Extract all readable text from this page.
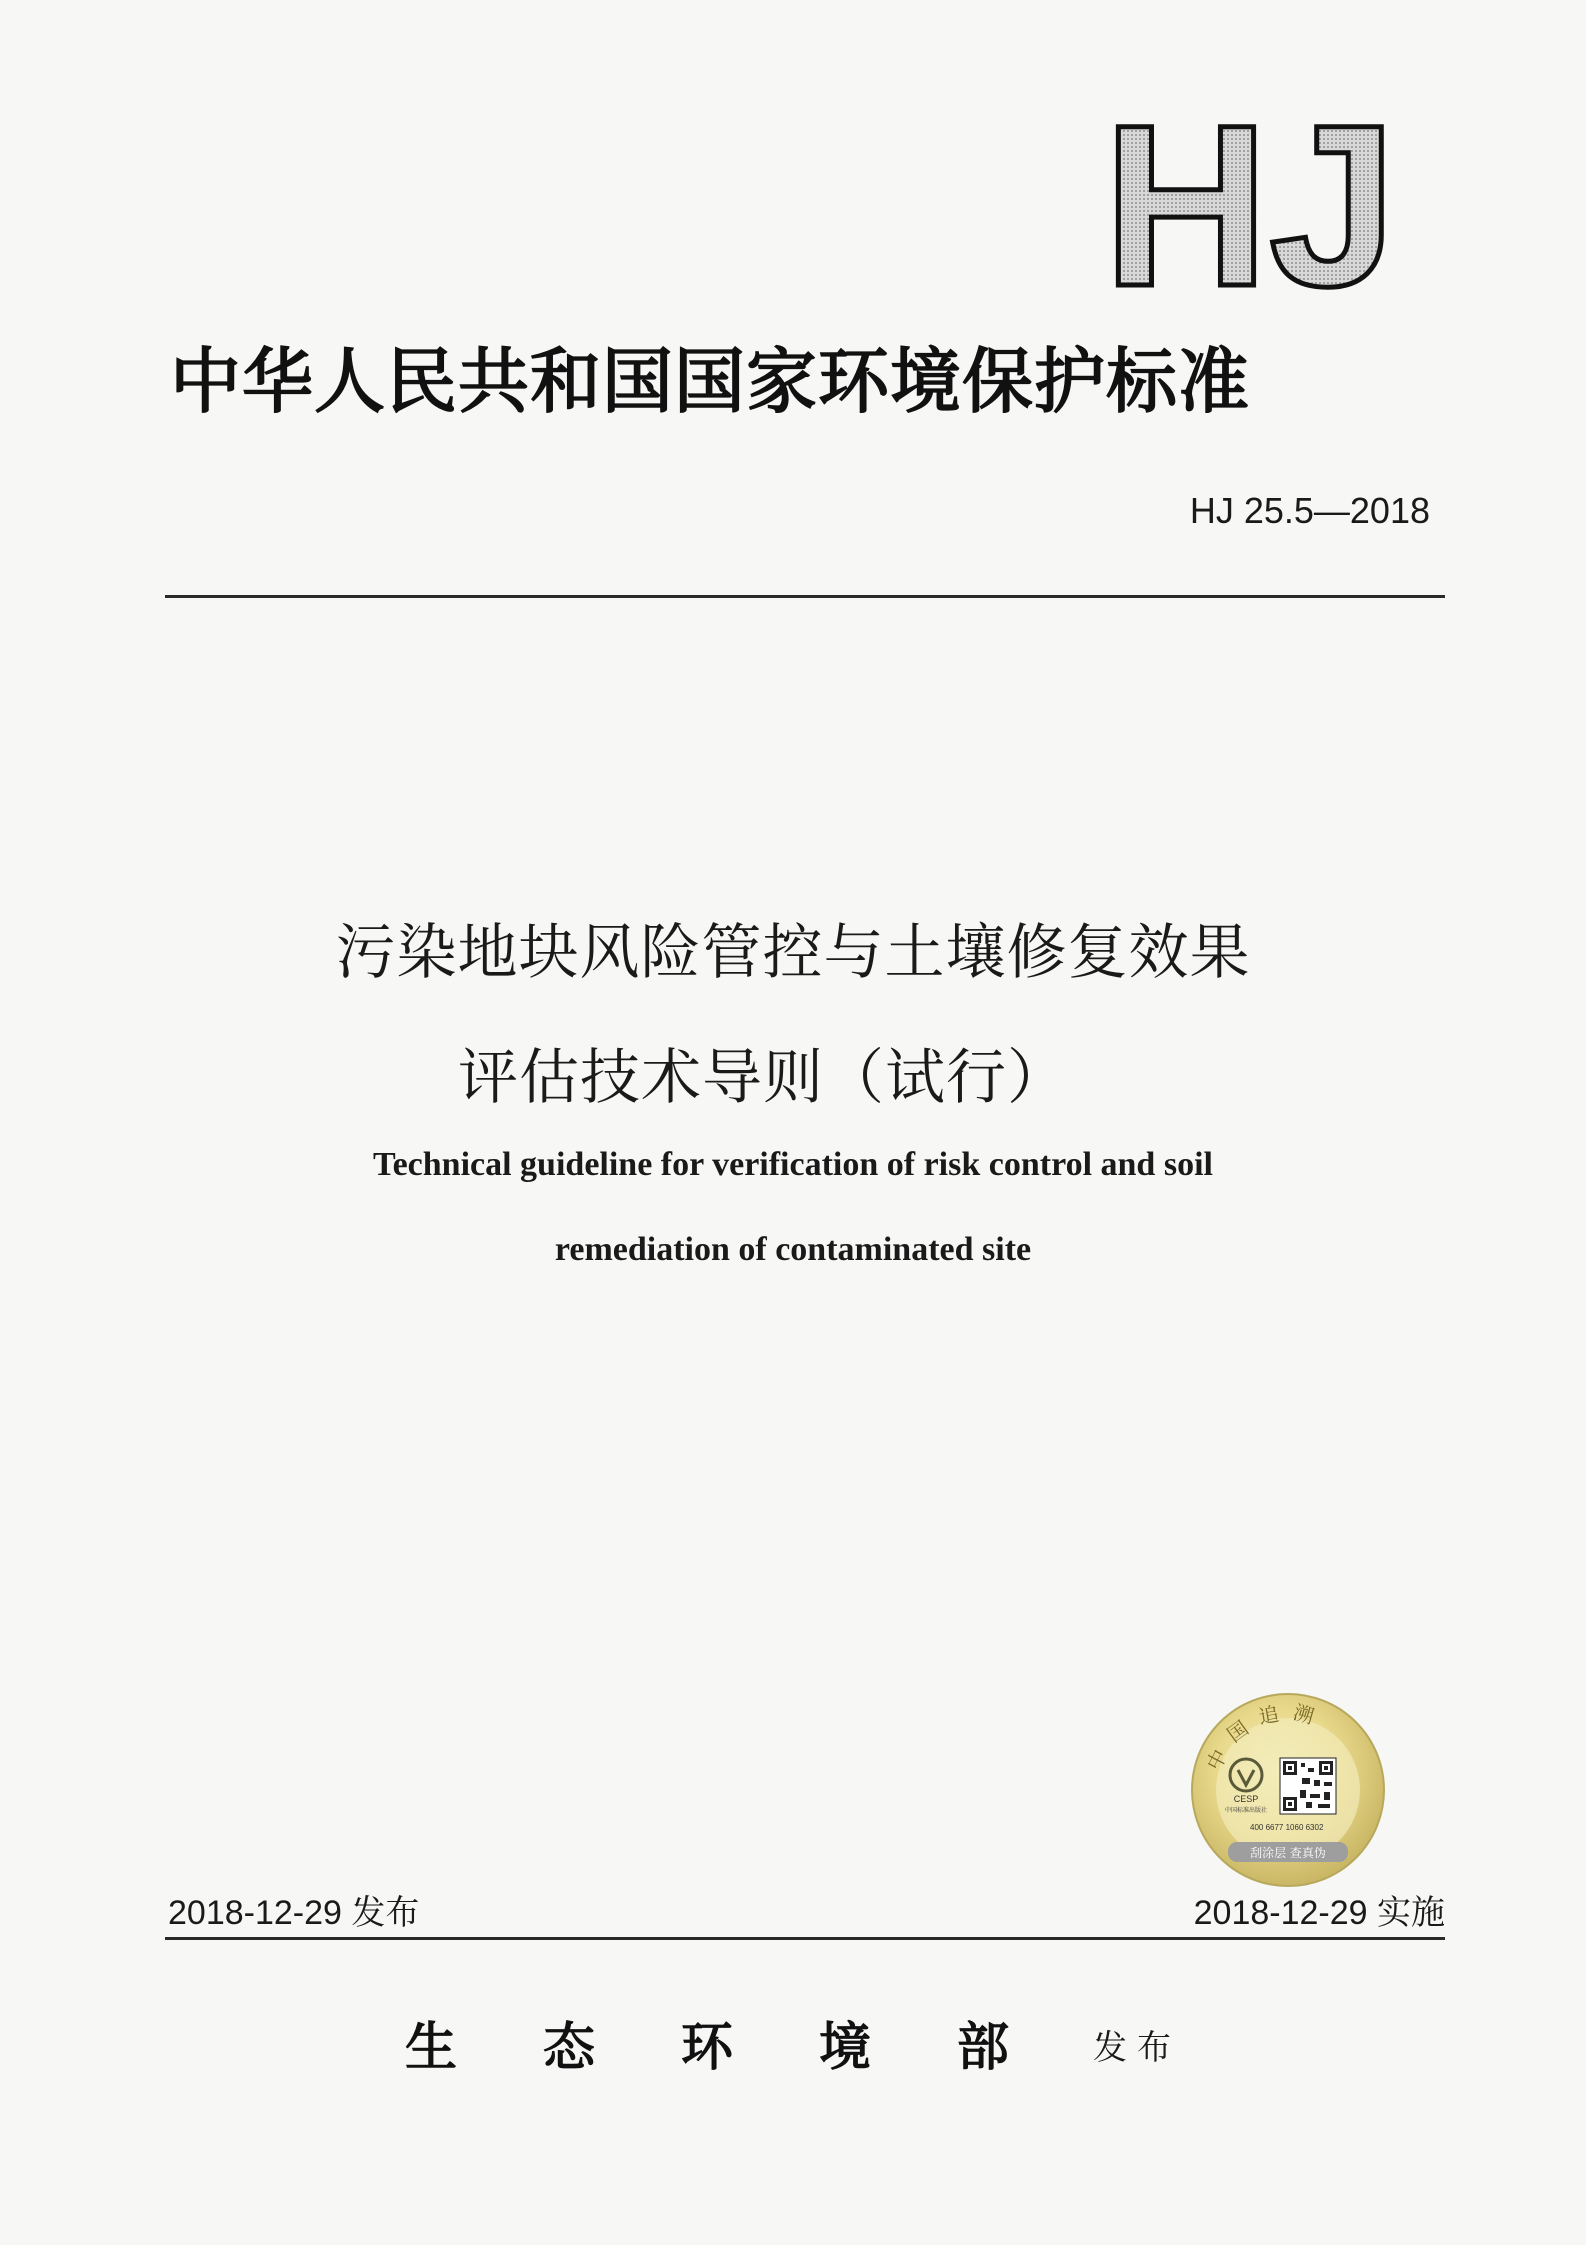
HJ
中华人民共和国国家环境保护标准
HJ 25.5—2018
污染地块风险管控与土壤修复效果
评估技术导则（试行）
Technical guideline for verification of risk control and soil
remediation of contaminated site
中国追溯
CESP
中国标准出版社
400 6677 1060 6302
刮涂层 查真伪
2018-12-29 发布	2018-12-29 实施
生态环境部
发布
